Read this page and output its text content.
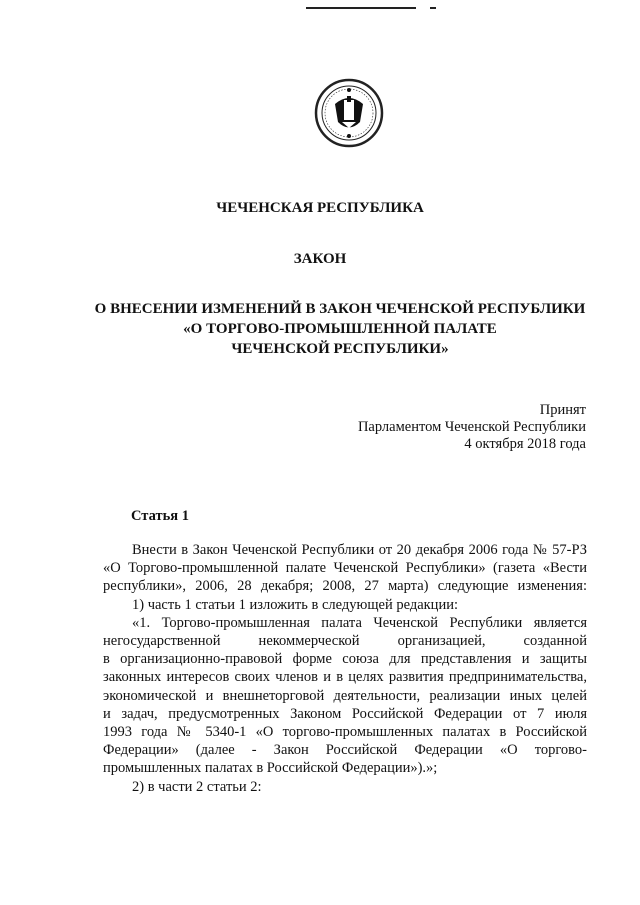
ЧЕЧЕНСКАЯ РЕСПУБЛИКА
ЗАКОН
О ВНЕСЕНИИ ИЗМЕНЕНИЙ В ЗАКОН ЧЕЧЕНСКОЙ РЕСПУБЛИКИ
«О ТОРГОВО-ПРОМЫШЛЕННОЙ ПАЛАТЕ
ЧЕЧЕНСКОЙ РЕСПУБЛИКИ»
Принят
Парламентом Чеченской Республики
4 октября 2018 года
Статья 1
Внести в Закон Чеченской Республики от 20 декабря 2006 года № 57-РЗ
«О Торгово-промышленной палате Чеченской Республики» (газета «Вести
республики», 2006, 28 декабря; 2008, 27 марта) следующие изменения:
1) часть 1 статьи 1 изложить в следующей редакции:
«1. Торгово-промышленная палата Чеченской Республики является
негосударственной некоммерческой организацией, созданной
в организационно-правовой форме союза для представления и защиты
законных интересов своих членов и в целях развития предпринимательства,
экономической и внешнеторговой деятельности, реализации иных целей
и задач, предусмотренных Законом Российской Федерации от 7 июля
1993 года № 5340-1 «О торгово-промышленных палатах в Российской
Федерации» (далее - Закон Российской Федерации «О торгово-
промышленных палатах в Российской Федерации»).»;
2) в части 2 статьи 2:
